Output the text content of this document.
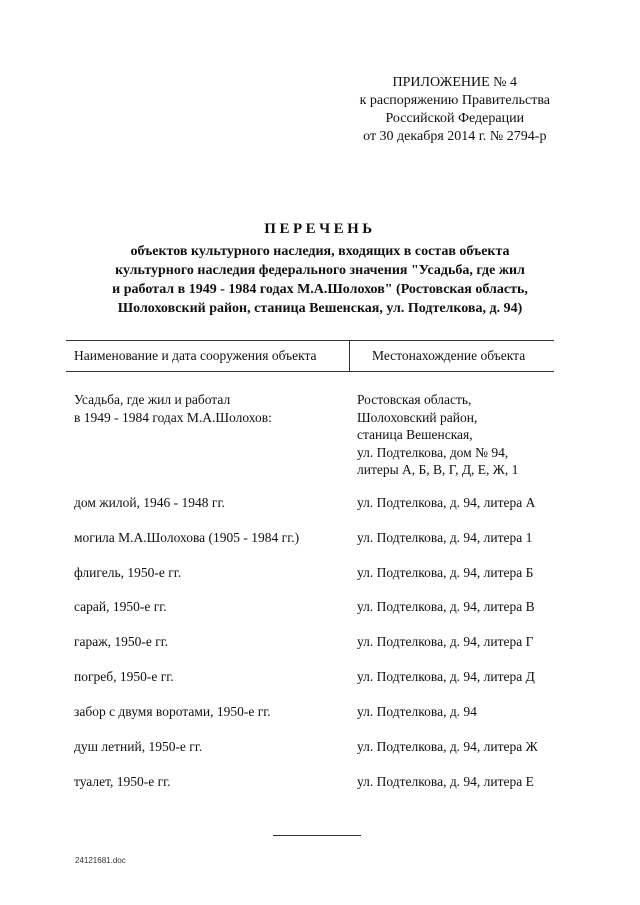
ПРИЛОЖЕНИЕ № 4
к распоряжению Правительства
Российской Федерации
от 30 декабря 2014 г. № 2794-р
ПЕРЕЧЕНЬ
объектов культурного наследия, входящих в состав объекта
культурного наследия федерального значения "Усадьба, где жил
и работал в 1949 - 1984 годах М.А.Шолохов" (Ростовская область,
Шолоховский район, станица Вешенская, ул. Подтелкова, д. 94)
Наименование и дата сооружения объекта	Местонахождение объекта
Усадьба, где жил и работал
в 1949 - 1984 годах М.А.Шолохов:
Ростовская область,
Шолоховский район,
станица Вешенская,
ул. Подтелкова, дом № 94,
литеры А, Б, В, Г, Д, Е, Ж, 1
дом жилой, 1946 - 1948 гг.	ул. Подтелкова, д. 94, литера А
могила М.А.Шолохова (1905 - 1984 гг.)	ул. Подтелкова, д. 94, литера 1
флигель, 1950-е гг.	ул. Подтелкова, д. 94, литера Б
сарай, 1950-е гг.	ул. Подтелкова, д. 94, литера В
гараж, 1950-е гг.	ул. Подтелкова, д. 94, литера Г
погреб, 1950-е гг.	ул. Подтелкова, д. 94, литера Д
забор с двумя воротами, 1950-е гг.	ул. Подтелкова, д. 94
душ летний, 1950-е гг.	ул. Подтелкова, д. 94, литера Ж
туалет, 1950-е гг.	ул. Подтелкова, д. 94, литера Е
24121681.doc
